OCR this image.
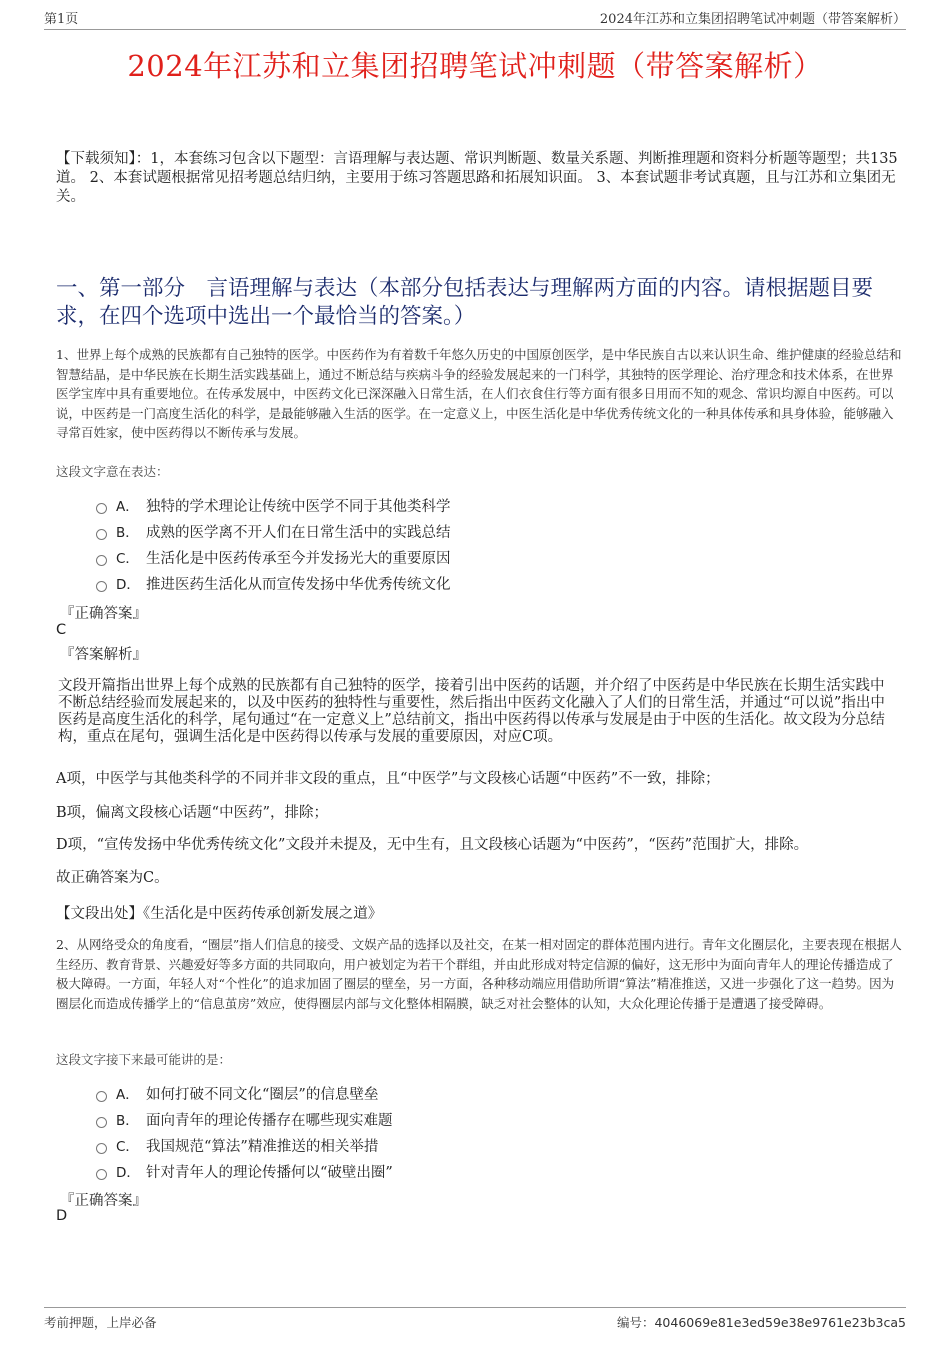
第1页	2024年江苏和立集团招聘笔试冲刺题（带答案解析）
2024年江苏和立集团招聘笔试冲刺题（带答案解析）
【下载须知】：1，本套练习包含以下题型：言语理解与表达题、常识判断题、数量关系题、判断推理题和资料分析题等题型；共135道。 2、本套试题根据常见招考题总结归纳，主要用于练习答题思路和拓展知识面。 3、本套试题非考试真题，且与江苏和立集团无关。
一、第一部分　言语理解与表达（本部分包括表达与理解两方面的内容。请根据题目要求，在四个选项中选出一个最恰当的答案。）
1、世界上每个成熟的民族都有自己独特的医学。中医药作为有着数千年悠久历史的中国原创医学，是中华民族自古以来认识生命、维护健康的经验总结和智慧结晶，是中华民族在长期生活实践基础上，通过不断总结与疾病斗争的经验发展起来的一门科学，其独特的医学理论、治疗理念和技术体系，在世界医学宝库中具有重要地位。在传承发展中，中医药文化已深深融入日常生活，在人们衣食住行等方面有很多日用而不知的观念、常识均源自中医药。可以说，中医药是一门高度生活化的科学，是最能够融入生活的医学。在一定意义上，中医生活化是中华优秀传统文化的一种具体传承和具身体验，能够融入寻常百姓家，使中医药得以不断传承与发展。
这段文字意在表达：
A． 独特的学术理论让传统中医学不同于其他类科学
B． 成熟的医学离不开人们在日常生活中的实践总结
C． 生活化是中医药传承至今并发扬光大的重要原因
D． 推进医药生活化从而宣传发扬中华优秀传统文化
『正确答案』
C
『答案解析』
文段开篇指出世界上每个成熟的民族都有自己独特的医学，接着引出中医药的话题，并介绍了中医药是中华民族在长期生活实践中不断总结经验而发展起来的，以及中医药的独特性与重要性，然后指出中医药文化融入了人们的日常生活，并通过“可以说”指出中医药是高度生活化的科学，尾句通过“在一定意义上”总结前文，指出中医药得以传承与发展是由于中医的生活化。故文段为分总结构，重点在尾句，强调生活化是中医药得以传承与发展的重要原因，对应C项。
A项，中医学与其他类科学的不同并非文段的重点，且“中医学”与文段核心话题“中医药”不一致，排除；
B项，偏离文段核心话题“中医药”，排除；
D项，“宣传发扬中华优秀传统文化”文段并未提及，无中生有，且文段核心话题为“中医药”，“医药”范围扩大，排除。
故正确答案为C。
【文段出处】《生活化是中医药传承创新发展之道》
2、从网络受众的角度看，“圈层”指人们信息的接受、文娱产品的选择以及社交，在某一相对固定的群体范围内进行。青年文化圈层化，主要表现在根据人生经历、教育背景、兴趣爱好等多方面的共同取向，用户被划定为若干个群组，并由此形成对特定信源的偏好，这无形中为面向青年人的理论传播造成了极大障碍。一方面，年轻人对“个性化”的追求加固了圈层的壁垒，另一方面，各种移动端应用借助所谓“算法”精准推送，又进一步强化了这一趋势。因为圈层化而造成传播学上的“信息茧房”效应，使得圈层内部与文化整体相隔膜，缺乏对社会整体的认知，大众化理论传播于是遭遇了接受障碍。
这段文字接下来最可能讲的是：
A． 如何打破不同文化“圈层”的信息壁垒
B． 面向青年的理论传播存在哪些现实难题
C． 我国规范“算法”精准推送的相关举措
D． 针对青年人的理论传播何以“破壁出圈”
『正确答案』
D
考前押题，上岸必备	编号：4046069e81e3ed59e38e9761e23b3ca5
